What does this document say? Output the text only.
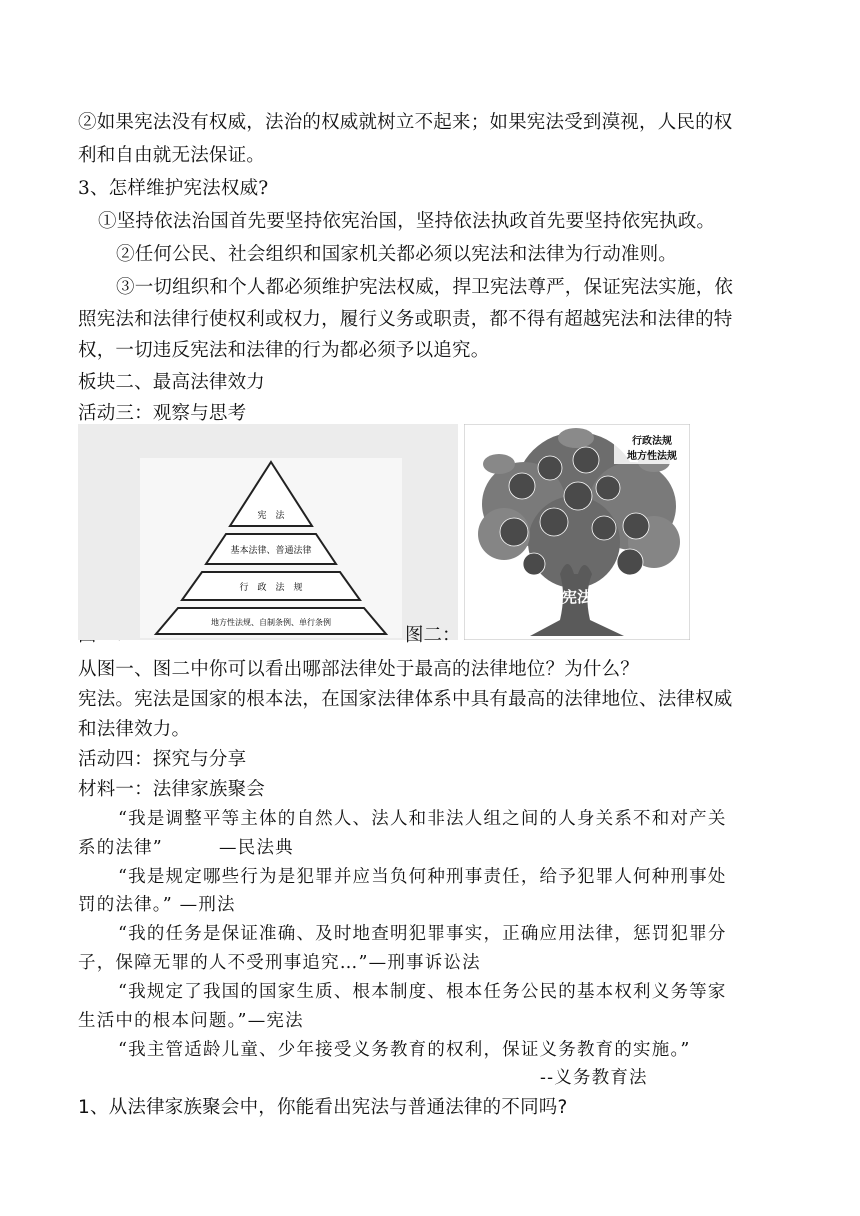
②如果宪法没有权威，法治的权威就树立不起来；如果宪法受到漠视，人民的权
利和自由就无法保证。
3、怎样维护宪法权威?
①坚持依法治国首先要坚持依宪治国，坚持依法执政首先要坚持依宪执政。
②任何公民、社会组织和国家机关都必须以宪法和法律为行动准则。
③一切组织和个人都必须维护宪法权威，捍卫宪法尊严，保证宪法实施，依
照宪法和法律行使权利或权力，履行义务或职责，都不得有超越宪法和法律的特
权，一切违反宪法和法律的行为都必须予以追究。
板块二、最高法律效力
活动三：观察与思考
宪　法
基本法律、普通法律
行　政　法　规
地方性法规、自制条例、单行条例
图二：
宪法
行政法规
地方性法规
从图一、图二中你可以看出哪部法律处于最高的法律地位？为什么？
宪法。宪法是国家的根本法，在国家法律体系中具有最高的法律地位、法律权威
和法律效力。
活动四：探究与分享
材料一：法律家族聚会
“我是调整平等主体的自然人、法人和非法人组之间的人身关系不和对产关
系的法律”　　　—民法典
“我是规定哪些行为是犯罪并应当负何种刑事责任，给予犯罪人何种刑事处
罚的法律。” —刑法
“我的任务是保证准确、及时地查明犯罪事实，正确应用法律，惩罚犯罪分
子，保障无罪的人不受刑事追究…”—刑事诉讼法
“我规定了我国的国家生质、根本制度、根本任务公民的基本权利义务等家
生活中的根本问题。”—宪法
“我主管适龄儿童、少年接受义务教育的权利，保证义务教育的实施。”
--义务教育法
1、从法律家族聚会中，你能看出宪法与普通法律的不同吗?
